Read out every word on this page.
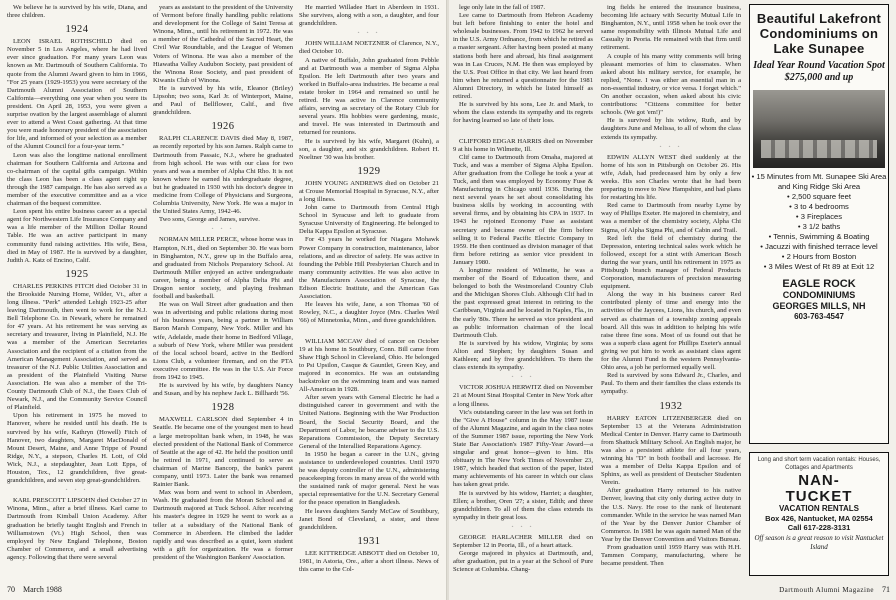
We believe he is survived by his wife, Diana, and three children.

1924

LEON ISRAEL ROTHSCHILD died on November 5 in Los Angeles, where he had lived ever since graduation. For many years Leon was known as Mr. Dartmouth of Southern California. To quote from the Alumni Award given to him in 1966, "For 25 years (1929-1953) you were secretary of the Dartmouth Alumni Association of Southern California—everything one year when you were its president. On April 28, 1953, you were given a surprise ovation by the largest assemblage of alumni ever to attend a West Coast gathering. At that time you were made honorary president of the association for life, and informed of your selection as a member of the Alumni Council for a four-year term."

Leon was also the longtime national enrollment chairman for Southern California and Arizona and co-chairman of the capital gifts campaign. Within the class Leon has been a class agent right up through the 1987 campaign. He has also served as a member of the executive committee and as a vice chairman of the bequest committee.

Leon spent his entire business career as a special agent for Northwestern Life Insurance Company and was a life member of the Million Dollar Round Table. He was an active participant in many community fund raising activities. His wife, Bess, died in May of 1987. He is survived by a daughter, Judith A. Katz of Encino, Calif.

1925

CHARLES PERKINS FITCH died October 31 in the Brookside Nursing Home, Wilder, Vt., after a long illness. "Perk" attended Lehigh 1923-25 after leaving Dartmouth, then went to work for the N.J. Bell Telephone Co. in Newark, where he remained for 47 years. At his retirement he was serving as secretary and treasurer, living in Plainfield, N.J. He was a member of the American Secretaries Association and the recipient of a citation from the American Management Association, and served as treasurer of the N.J. Public Utilities Association and as president of the Plainfield Visiting Nurse Association. He was also a member of the Tri-County Dartmouth Club of N.J., the Essex Club of Newark, N.J., and the Community Service Council of Plainfield.

Upon his retirement in 1975 he moved to Hanover, where he resided until his death. He is survived by his wife, Kathryn (Howell) Fitch of Hanover, two daughters, Margaret MacDonald of Mount Desert, Maine, and Anne Trippe of Pound Ridge, N.Y., a stepson, Charles H. Lott, of Old Wick, N.J., a stepdaughter, Jean Lott Epps, of Houston, Tex., 12 grandchildren, five great-grandchildren, and seven step great-grandchildren.

◦ ◦ ◦

KARL PRESCOTT LIPSOHN died October 27 in Winona, Minn., after a brief illness. Karl came to Dartmouth from Kimball Union Academy. After graduation he briefly taught English and French in Williamstown (Vt.) High School, then was employed by New England Telephone, Boston Chamber of Commerce, and a small advertising agency. Following that there were several

years as assistant to the president of the University of Vermont before finally handling public relations and development for the College of Saint Teresa at Winona, Minn., until his retirement in 1972. He was a member of the Cathedral of the Sacred Heart, the Civil War Roundtable, and the League of Women Voters of Winona. He was also a member of the Hiawatha Valley Audubon Society, past president of the Winona Rose Society, and past president of Kiwanis Club of Winona.

He is survived by his wife, Eleanor (Briley) Lipsohn; two sons, Karl Jr. of Winterport, Maine, and Paul of Bellflower, Calif., and five grandchildren.

1926

RALPH CLARENCE DAVIS died May 8, 1987, as recently reported by his son James. Ralph came to Dartmouth from Passaic, N.J., where he graduated from high school. He was with our class for two years and was a member of Alpha Chi Rho. It is not known where he earned his undergraduate degree, but he graduated in 1930 with his doctor's degree in medicine from College of Physicians and Surgeons, Columbia University, New York. He was a major in the United States Army, 1942-46.

Two sons, George and James, survive.

◦ ◦ ◦

NORMAN MILLER PERCE, whose home was in Hampton, N.H., died on September 30. He was born in Binghamton, N.Y., grew up in the Buffalo area, and graduated from Nichols Preparatory School. At Dartmouth Miller enjoyed an active undergraduate career, being a member of Alpha Delta Phi and Dragon senior society, and playing freshman football and basketball.

He was on Wall Street after graduation and then was in advertising and public relations during most of his business years, being a partner in William Baron Marsh Company, New York. Miller and his wife, Adelaide, made their home in Bedford Village, a suburb of New York, where Miller was president of the local school board, active in the Bedford Lions Club, a volunteer fireman, and on the PTA executive committee. He was in the U.S. Air Force from 1942 to 1945.

He is survived by his wife, by daughters Nancy and Susan, and by his nephew Jack L. Billhardt '56.

1928

MAXWELL CARLSON died September 4 in Seattle. He became one of the youngest men to head a large metropolitan bank when, in 1948, he was elected president of the National Bank of Commerce of Seattle at the age of 42. He held the position until he retired in 1971, and continued to serve as chairman of Marine Bancorp, the bank's parent company, until 1973. Later the bank was renamed Rainier Bank.

Max was born and went to school in Aberdeen, Wash. He graduated from the Moran School and at Dartmouth majored at Tuck School. After receiving his master's degree in 1929 he went to work as a teller at a subsidiary of the National Bank of Commerce in Aberdeen. He climbed the ladder rapidly and was described as a quiet, keen student with a gift for organization. He was a former president of the Washington Bankers' Association.

He married Willadee Hart in Aberdeen in 1931. She survives, along with a son, a daughter, and four grandchildren.

◦ ◦ ◦

JOHN WILLIAM NOETZNER of Clarence, N.Y., died October 10.

A native of Buffalo, John graduated from Pebble and at Dartmouth was a member of Sigma Alpha Epsilon. He left Dartmouth after two years and worked in Buffalo-area industries. He became a real estate broker in 1964 and remained so until he retired. He was active in Clarence community affairs, serving as secretary of the Rotary Club for several years. His hobbies were gardening, music, and travel. He was interested in Dartmouth and returned for reunions.

He is survived by his wife, Margaret (Kuhn), a son, a daughter, and six grandchildren. Robert H. Noeltner '30 was his brother.

1929

JOHN YOUNG ANDREWS died on October 21 at Crouse Memorial Hospital in Syracuse, N.Y., after a long illness.

John came to Dartmouth from Central High School in Syracuse and left to graduate from Syracuse University of Engineering. He belonged to Delta Kappa Epsilon at Syracuse.

For 43 years he worked for Niagara Mohawk Power Company in construction, maintenance, labor relations, and as director of safety. He was active in founding the Pebble Hill Presbyterian Church and in many community activities. He was also active in the Manufacturers Association of Syracuse, the Edison Electric Institute, and the American Gas Association.

He leaves his wife, Jane, a son Thomas '60 of Rowley, N.C., a daughter Joyce (Mrs. Charles Weil '66) of Minnetonka, Minn., and three grandchildren.

◦ ◦ ◦

WILLIAM MCCAW died of cancer on October 19 at his home in Southbury, Conn. Bill came from Shaw High School in Cleveland, Ohio. He belonged to Psi Upsilon, Casque & Gauntlet, Green Key, and majored in economics. He was an outstanding backstroker on the swimming team and was named All-American in 1928.

After seven years with General Electric he had a distinguished career in government and with the United Nations. Beginning with the War Production Board, the Social Security Board, and the Department of Labor, he became adviser to the U.S. Reparations Commission, the Deputy Secretary General of the Interallied Reparations Agency.

In 1950 he began a career in the U.N., giving assistance to underdeveloped countries. Until 1970 he was deputy controller of the U.N., administering peacekeeping forces in many areas of the world with the sustained rank of major general. Next he was special representative for the U.N. Secretary General for the peace operation in Bangladesh.

He leaves daughters Sandy McCaw of Southbury, Janet Bond of Cleveland, a sister, and three grandchildren.

1931

LEE KITTREDGE ABBOTT died on October 10, 1981, in Astoria, Ore., after a short illness. News of this came to the Col-

70 March 1988

lege only late in the fall of 1987.

Lee came to Dartmouth from Hebron Academy but left before finishing to enter the hotel and wholesale businesses. From 1942 to 1962 he served in the U.S. Army Ordnance, from which he retired as a master sergeant. After having been posted at many stations both here and abroad, his final assignment was in Las Cruces, N.M. He then was employed by the U.S. Post Office in that city. We last heard from him when he returned a questionnaire for the 1981 Alumni Directory, in which he listed himself as retired.

He is survived by his sons, Lee Jr. and Mark, to whom the class extends its sympathy and its regrets for having learned so late of their loss.

◦ ◦ ◦

CLIFFORD EDGAR HARRIS died on November 9 at his home in Wilmette, Ill.

Clif came to Dartmouth from Omaha, majored at Tuck, and was a member of Sigma Alpha Epsilon. After graduation from the College he took a year at Tuck, and then was employed by Economy Fuse & Manufacturing in Chicago until 1936. During the next several years he set about consolidating his business skills by working in accounting with several firms, and by obtaining his CPA in 1937. In 1943 he rejoined Economy Fuse as assistant secretary and became owner of the firm before selling it to Federal Pacific Electric Company in 1959. He then continued as division manager of that firm before retiring as senior vice president in January 1980.

A longtime resident of Wilmette, he was a member of the Board of Education there, and belonged to both the Westmoreland Country Club and the Michigan Shores Club. Although Clif had in the past expressed great interest in retiring to the Caribbean, Virginia and he located in Naples, Fla., in the early '80s. There he served as vice president and as public information chairman of the local Dartmouth Club.

He is survived by his widow, Virginia; by sons Alton and Stephen; by daughters Susan and Kathleen; and by five grandchildren. To them the class extends its sympathy.

◦ ◦ ◦

VICTOR JOSHUA HERWITZ died on November 21 at Mount Sinai Hospital Center in New York after a long illness.

Vic's outstanding career in the law was set forth in the "Give A House" column in the May 1987 issue of the Alumni Magazine, and again in the class notes of the Summer 1987 issue, reporting the New York State Bar Association's 1987 Fifty-Year Award—a singular and great honor—given to him. His obituary in The New York Times of November 23, 1987, which headed that section of the paper, listed many achievements of his career in which our class has taken great pride.

He is survived by his widow, Harriet; a daughter, Ellen; a brother, Oren '27; a sister, Edith; and three grandchildren. To all of them the class extends its sympathy in their great loss.

◦ ◦ ◦

GEORGE HARLACHER MILLER died on September 12 in Peoria, Ill., of a heart attack.

George majored in physics at Dartmouth, and, after graduation, put in a year at the School of Pure Science at Columbia. Chang-

ing fields he entered the insurance business, becoming life actuary with Security Mutual Life in Binghamton, N.Y., until 1958 when he took over the same responsibility with Illinois Mutual Life and Casualty in Peoria. He remained with that firm until retirement.

A couple of his many witty comments will bring pleasant memories of him to classmates. When asked about his military service, for example, he replied, "None. I was either an essential man in a non-essential industry, or vice versa. I forget which." On another occasion, when asked about his civic contributions: "Citizens committee for better schools. (We got 'em!)"

He is survived by his widow, Ruth, and by daughters June and Melissa, to all of whom the class extends its sympathy.

◦ ◦ ◦

EDWIN ALLYN WEST died suddenly at the home of his son in Pittsburgh on October 26. His wife, Adah, had predeceased him by only a few weeks. His son Charles wrote that he had been preparing to move to New Hampshire, and had plans for restarting his life.

Red came to Dartmouth from nearby Lyme by way of Phillips Exeter. He majored in chemistry, and was a member of the chemistry society, Alpha Chi Sigma, of Alpha Sigma Phi, and of Cabin and Trail.

Red left the field of chemistry during the Depression, entering technical sales work which he followed, except for a stint with American Bosch during the war years, until his retirement in 1975 as Pittsburgh branch manager of Federal Products Corporation, manufacturers of precision measuring equipment.

Along the way in his business career Red contributed plenty of time and energy into the activities of the Jaycees, Lions, his church, and even served as chairman of a township zoning appeals board. All this was in addition to helping his wife raise three fine sons. Most of us found out that he was a superb class agent for Phillips Exeter's annual giving we put him to work as assistant class agent for the Alumni Fund in the western Pennsylvania-Ohio area, a job he performed equally well.

Red is survived by sons Edward Jr., Charles, and Paul. To them and their families the class extends its sympathy.

1932

HARRY EATON LITZENBERGER died on September 13 at the Veterans Administration Medical Center in Denver. Harry came to Dartmouth from Shattuck Military School. An English major, he was also a persistent athlete for all four years, winning his "D" in both football and lacrosse. He was a member of Delta Kappa Epsilon and of Sphinx, as well as president of Deutscher Studenten Verein.

After graduation Harry returned to his native Denver, leaving that city only during active duty in the U.S. Navy. He rose to the rank of lieutenant commander. While in the service he was named Man of the Year by the Denver Junior Chamber of Commerce. In 1981 he was again named Man of the Year by the Denver Convention and Visitors Bureau.

From graduation until 1959 Harry was with H.H. Tammen Company, manufacturing, where he became president. Then

Beautiful Lakefront Condominiums on Lake Sunapee
Ideal Year Round Vacation Spot $275,000 and up
• 15 Minutes from Mt. Sunapee Ski Area and King Ridge Ski Area
• 2,500 square feet
• 3 to 4 bedrooms
• 3 Fireplaces
• 3 1/2 baths
• Tennis, Swimming & Boating
• Jacuzzi with finished terrace level
• 2 Hours from Boston
• 3 Miles West of Rt 89 at Exit 12
EAGLE ROCK
CONDOMINIUMS
GEORGES MILLS, NH
603-763-4547
Long and short term vacation rentals: Houses, Cottages and Apartments
NAN-
TUCKET
VACATION RENTALS
Box 426, Nantucket, MA 02554
Call 617-228-3131
Off season is a great reason to visit Nantucket Island
Dartmouth Alumni Magazine 71
